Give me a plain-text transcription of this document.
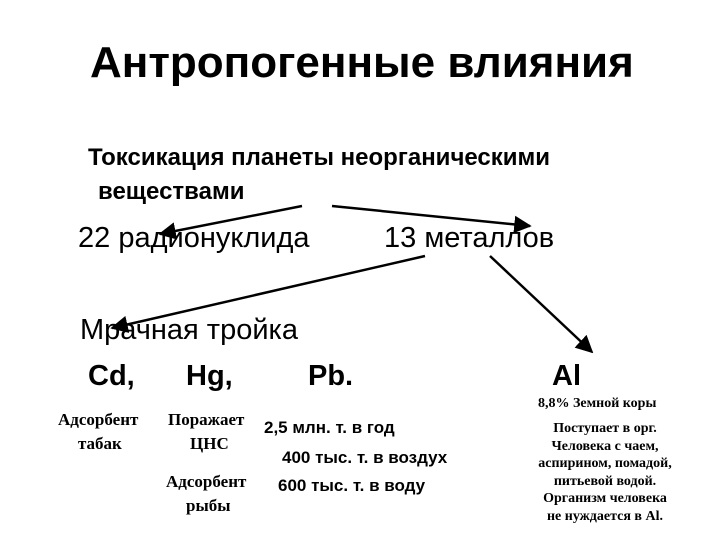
Антропогенные влияния
Токсикация планеты неорганическими
веществами
22 радионуклида	13 металлов
Мрачная тройка
Cd, Hg,	Pb.	Al
8,8% Земной коры
Адсорбент
табак
Поражает
ЦНС
2,5 млн. т. в год
400 тыс. т. в воздух
Адсорбент
рыбы
600 тыс. т. в воду
Поступает в орг.
Человека с чаем,
аспирином, помадой,
питьевой водой.
Организм человека
не нуждается в Al.
